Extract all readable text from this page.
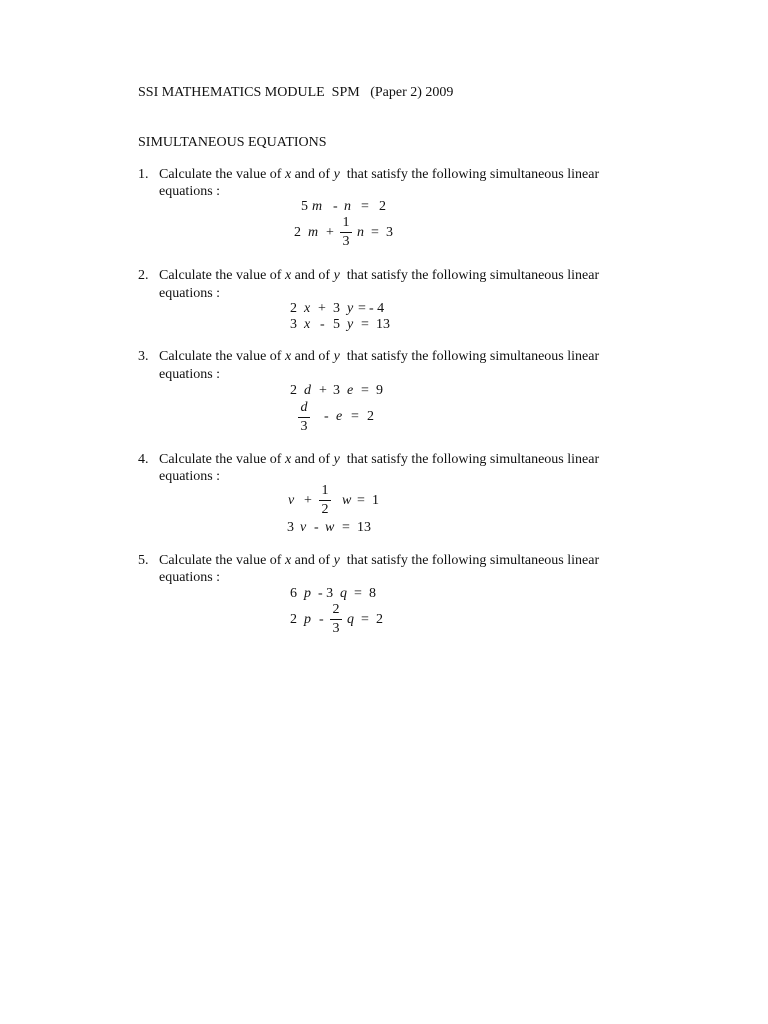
SSI MATHEMATICS MODULE  SPM   (Paper 2) 2009
SIMULTANEOUS EQUATIONS
1. Calculate the value of x and of y that satisfy the following simultaneous linear
equations :
5 m - n = 2
2 m +
1
3
n = 3
2. Calculate the value of x and of y that satisfy the following simultaneous linear
equations :
2 x + 3 y = - 4
3 x - 5 y = 13
3. Calculate the value of x and of y that satisfy the following simultaneous linear
equations :
2 d + 3 e = 9
d
3
- e = 2
4. Calculate the value of x and of y that satisfy the following simultaneous linear
equations :
v +
1
2
w = 1
3 v - w = 13
5. Calculate the value of x and of y that satisfy the following simultaneous linear
equations :
6 p - 3 q = 8
2 p -
2
3
q = 2
